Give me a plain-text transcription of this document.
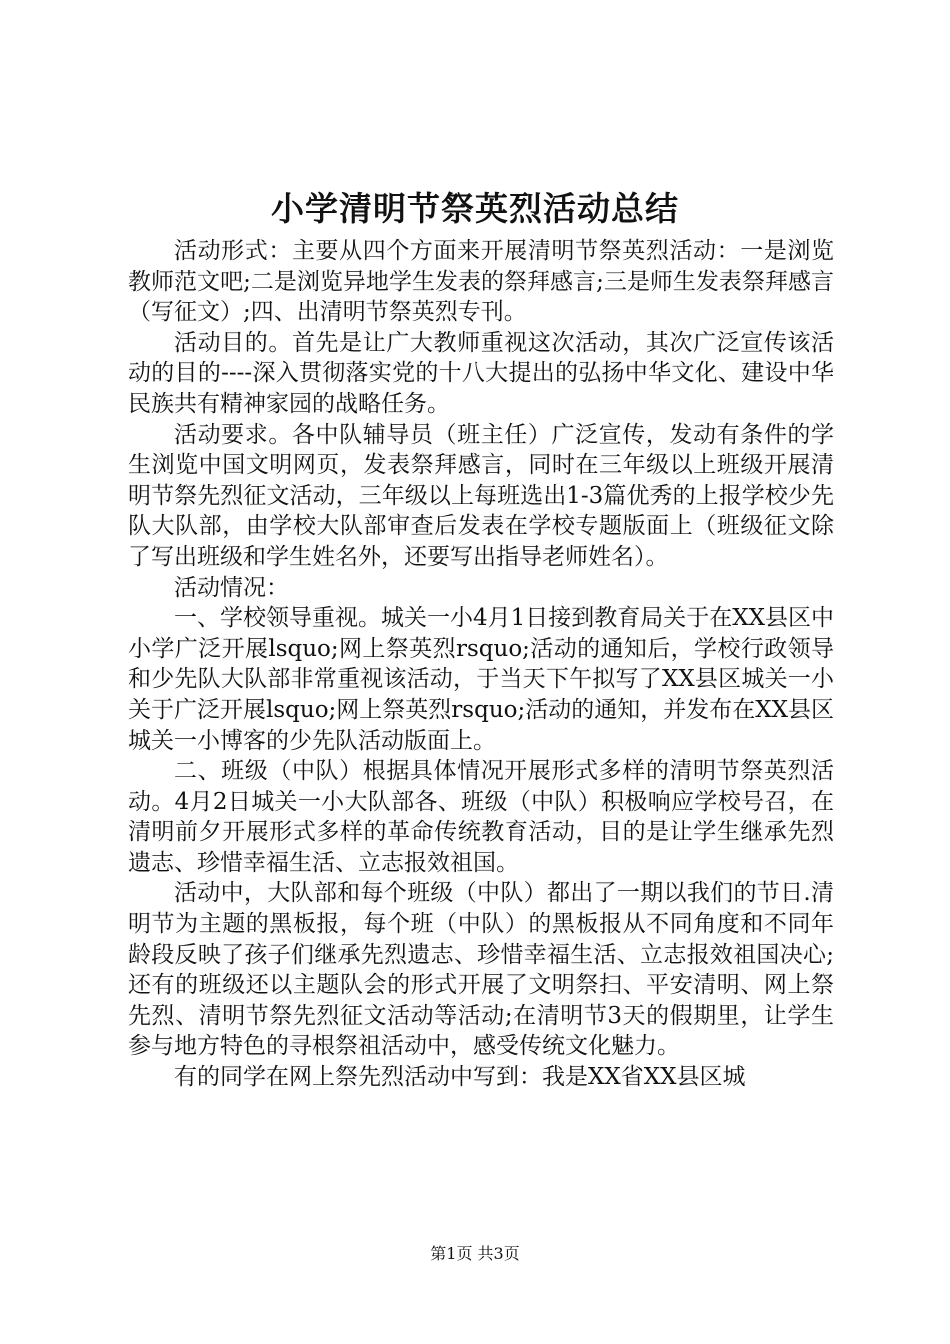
小学清明节祭英烈活动总结

活动形式：主要从四个方面来开展清明节祭英烈活动：一是浏览教师范文吧;二是浏览异地学生发表的祭拜感言;三是师生发表祭拜感言（写征文）;四、出清明节祭英烈专刊。

活动目的。首先是让广大教师重视这次活动，其次广泛宣传该活动的目的----深入贯彻落实党的十八大提出的弘扬中华文化、建设中华民族共有精神家园的战略任务。

活动要求。各中队辅导员（班主任）广泛宣传，发动有条件的学生浏览中国文明网页，发表祭拜感言，同时在三年级以上班级开展清明节祭先烈征文活动，三年级以上每班选出1-3篇优秀的上报学校少先队大队部，由学校大队部审查后发表在学校专题版面上（班级征文除了写出班级和学生姓名外，还要写出指导老师姓名）。

活动情况：

一、学校领导重视。城关一小4月1日接到教育局关于在XX县区中小学广泛开展lsquo;网上祭英烈rsquo;活动的通知后，学校行政领导和少先队大队部非常重视该活动，于当天下午拟写了XX县区城关一小关于广泛开展lsquo;网上祭英烈rsquo;活动的通知，并发布在XX县区城关一小博客的少先队活动版面上。

二、班级（中队）根据具体情况开展形式多样的清明节祭英烈活动。4月2日城关一小大队部各、班级（中队）积极响应学校号召，在清明前夕开展形式多样的革命传统教育活动，目的是让学生继承先烈遗志、珍惜幸福生活、立志报效祖国。

活动中，大队部和每个班级（中队）都出了一期以我们的节日.清明节为主题的黑板报，每个班（中队）的黑板报从不同角度和不同年龄段反映了孩子们继承先烈遗志、珍惜幸福生活、立志报效祖国决心;还有的班级还以主题队会的形式开展了文明祭扫、平安清明、网上祭先烈、清明节祭先烈征文活动等活动;在清明节3天的假期里，让学生参与地方特色的寻根祭祖活动中，感受传统文化魅力。

有的同学在网上祭先烈活动中写到：我是XX省XX县区城

第1页 共3页
